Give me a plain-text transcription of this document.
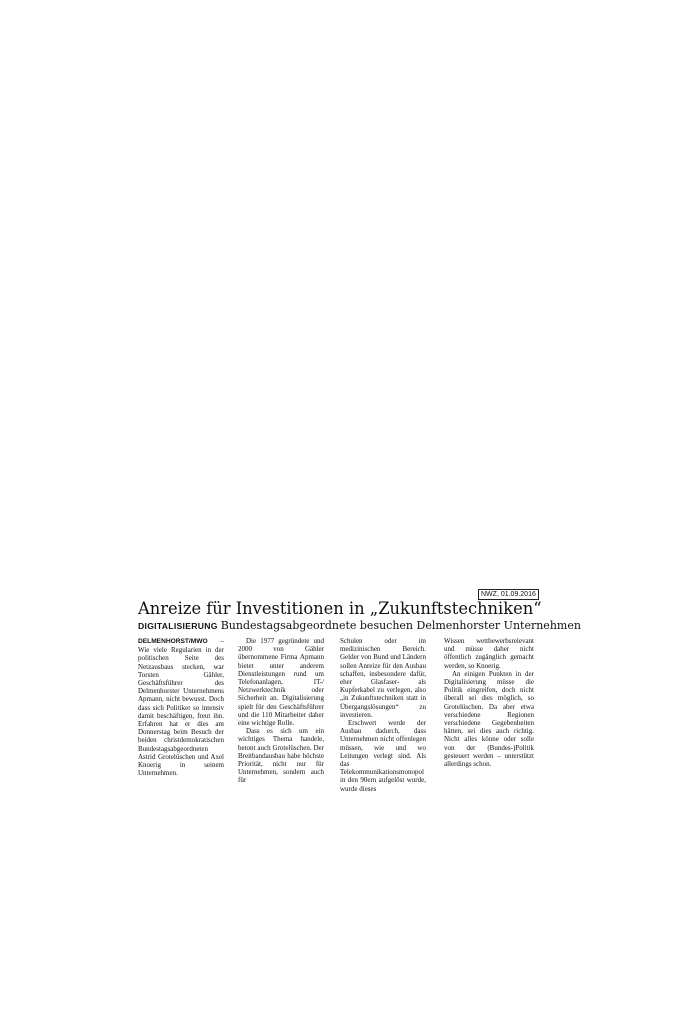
NWZ, 01.09.2016
Anreize für Investitionen in „Zukunftstechniken“
DIGITALISIERUNG Bundestagsabgeordnete besuchen Delmenhorster Unternehmen

DELMENHORST/MWO – Wie viele Regularien in der politischen Seite des Netzausbaus stecken, war Torsten Gähler, Geschäftsführer des Delmenhorster Unternehmens Apmann, nicht bewusst. Doch dass sich Politiker so intensiv damit beschäftigen, freut ihn. Erfahren hat er dies am Donnerstag beim Besuch der beiden christdemokratischen Bundestagsabgeordneten Astrid Grotelüschen und Axel Knoerig in seinem Unternehmen.

Die 1977 gegründete und 2000 von Gähler übernommene Firma Apmann bietet unter anderem Dienstleistungen rund um Telefonanlagen, IT-/ Netzwerktechnik oder Sicherheit an. Digitalisierung spielt für den Geschäftsführer und die 110 Mitarbeiter daher eine wichtige Rolle.

Dass es sich um ein wichtiges Thema handele, betont auch Grotelüschen. Der Breitbandausbau habe höchste Priorität, nicht nur für Unternehmen, sondern auch für

Schulen oder im medizinischen Bereich. Gelder von Bund und Ländern sollen Anreize für den Ausbau schaffen, insbesondere dafür, eher Glasfaser- als Kupferkabel zu verlegen, also „in Zukunftstechniken statt in Übergangslösungen“ zu investieren.

Erschwert werde der Ausbau dadurch, dass Unternehmen nicht offenlegen müssen, wie und wo Leitungen verlegt sind. Als das Telekommunikationsmonopol in den 90ern aufgelöst wurde, wurde dieses

Wissen wettbewerbsrelevant und müsse daher nicht öffentlich zugänglich gemacht werden, so Knoerig.

An einigen Punkten in der Digitalisierung müsse die Politik eingreifen, doch nicht überall sei dies möglich, so Grotelüschen. Da aber etwa verschiedene Regionen verschiedene Gegebenheiten hätten, sei dies auch richtig. Nicht alles könne oder solle von der (Bundes-)Politik gesteuert werden – unterstützt allerdings schon.
